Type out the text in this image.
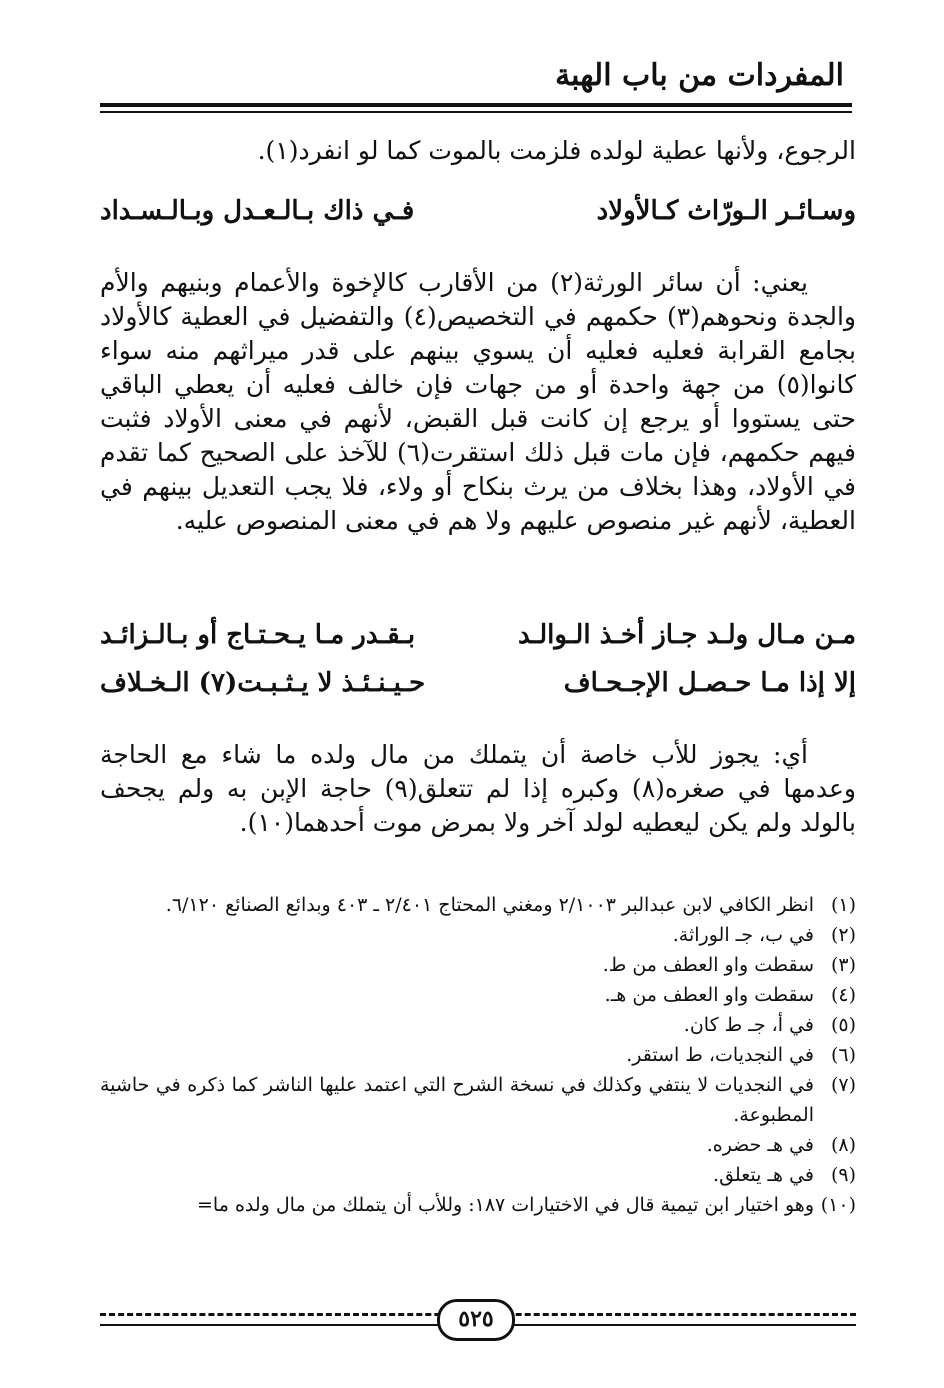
المفردات من باب الهبة

الرجوع، ولأنها عطية لولده فلزمت بالموت كما لو انفرد(١).

وسـائـر الـورّاث كـالأولاد
فـي ذاك بـالـعـدل وبـالـسـداد

يعني: أن سائر الورثة(٢) من الأقارب كالإخوة والأعمام وبنيهم والأم والجدة ونحوهم(٣) حكمهم في التخصيص(٤) والتفضيل في العطية كالأولاد بجامع القرابة فعليه فعليه أن يسوي بينهم على قدر ميراثهم منه سواء كانوا(٥) من جهة واحدة أو من جهات فإن خالف فعليه أن يعطي الباقي حتى يستووا أو يرجع إن كانت قبل القبض، لأنهم في معنى الأولاد فثبت فيهم حكمهم، فإن مات قبل ذلك استقرت(٦) للآخذ على الصحيح كما تقدم في الأولاد، وهذا بخلاف من يرث بنكاح أو ولاء، فلا يجب التعديل بينهم في العطية، لأنهم غير منصوص عليهم ولا هم في معنى المنصوص عليه.

مـن مـال ولـد جـاز أخـذ الـوالـد
بـقـدر مـا يـحـتـاج أو بـالـزائـد
إلا إذا مـا حـصـل الإجـحـاف
حـيـنـئـذ لا يـثـبـت(٧) الـخـلاف

أي: يجوز للأب خاصة أن يتملك من مال ولده ما شاء مع الحاجة وعدمها في صغره(٨) وكبره إذا لم تتعلق(٩) حاجة الإبن به ولم يجحف بالولد ولم يكن ليعطيه لولد آخر ولا بمرض موت أحدهما(١٠).

(١)
انظر الكافي لابن عبدالبر ٢/١٠٠٣ ومغني المحتاج ٢/٤٠١ ـ ٤٠٣ وبدائع الصنائع ٦/١٢٠.
(٢)
في ب، جـ الوراثة.
(٣)
سقطت واو العطف من ط.
(٤)
سقطت واو العطف من هـ.
(٥)
في أ، جـ ط كان.
(٦)
في النجديات، ط استقر.
(٧)
في النجديات لا ينتفي وكذلك في نسخة الشرح التي اعتمد عليها الناشر كما ذكره في حاشية المطبوعة.
(٨)
في هـ حضره.
(٩)
في هـ يتعلق.
(١٠)
وهو اختيار ابن تيمية قال في الاختيارات ١٨٧: وللأب أن يتملك من مال ولده ما=
٥٢٥
